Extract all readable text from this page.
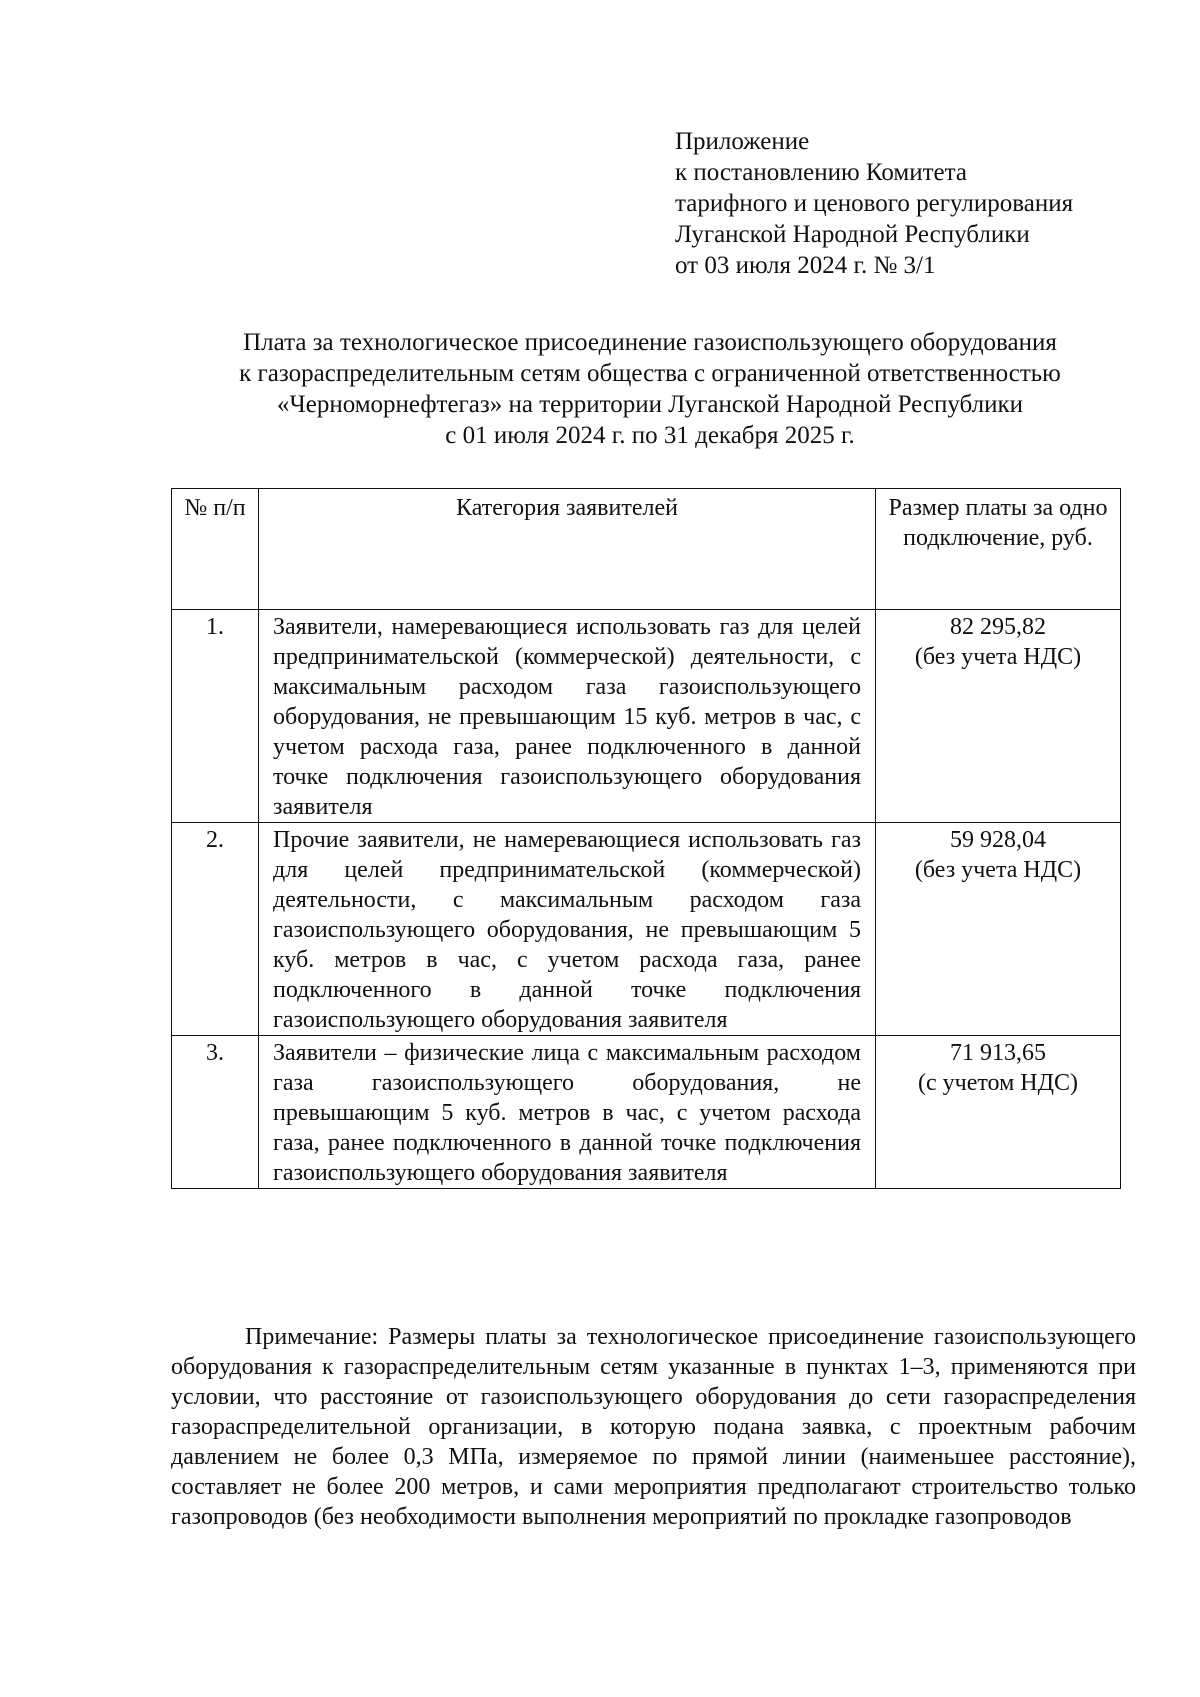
Приложение
к постановлению Комитета
тарифного и ценового регулирования
Луганской Народной Республики
от 03 июля 2024 г. № 3/1
Плата за технологическое присоединение газоиспользующего оборудования
к газораспределительным сетям общества с ограниченной ответственностью
«Черноморнефтегаз» на территории Луганской Народной Республики
с 01 июля 2024 г. по 31 декабря 2025 г.
№ п/п	Категория заявителей	Размер платы за одно подключение, руб.
1.	Заявители, намеревающиеся использовать газ для целей предпринимательской (коммерческой) деятельности, с максимальным расходом газа газоиспользующего оборудования, не превышающим 15 куб. метров в час, с учетом расхода газа, ранее подключенного в данной точке подключения газоиспользующего оборудования заявителя	82 295,82
(без учета НДС)

2.	Прочие заявители, не намеревающиеся использовать газ для целей предпринимательской (коммерческой) деятельности, с максимальным расходом газа газоиспользующего оборудования, не превышающим 5 куб. метров в час, с учетом расхода газа, ранее подключенного в данной точке подключения газоиспользующего оборудования заявителя	59 928,04
(без учета НДС)

3.	Заявители – физические лица с максимальным расходом газа газоиспользующего оборудования, не превышающим 5 куб. метров в час, с учетом расхода газа, ранее подключенного в данной точке подключения газоиспользующего оборудования заявителя	71 913,65
(с учетом НДС)
Примечание: Размеры платы за технологическое присоединение газоиспользующего оборудования к газораспределительным сетям указанные в пунктах 1–3, применяются при условии, что расстояние от газоиспользующего оборудования до сети газораспределения газораспределительной организации, в которую подана заявка, с проектным рабочим давлением не более 0,3 МПа, измеряемое по прямой линии (наименьшее расстояние), составляет не более 200 метров, и сами мероприятия предполагают строительство только газопроводов (без необходимости выполнения мероприятий по прокладке газопроводов
